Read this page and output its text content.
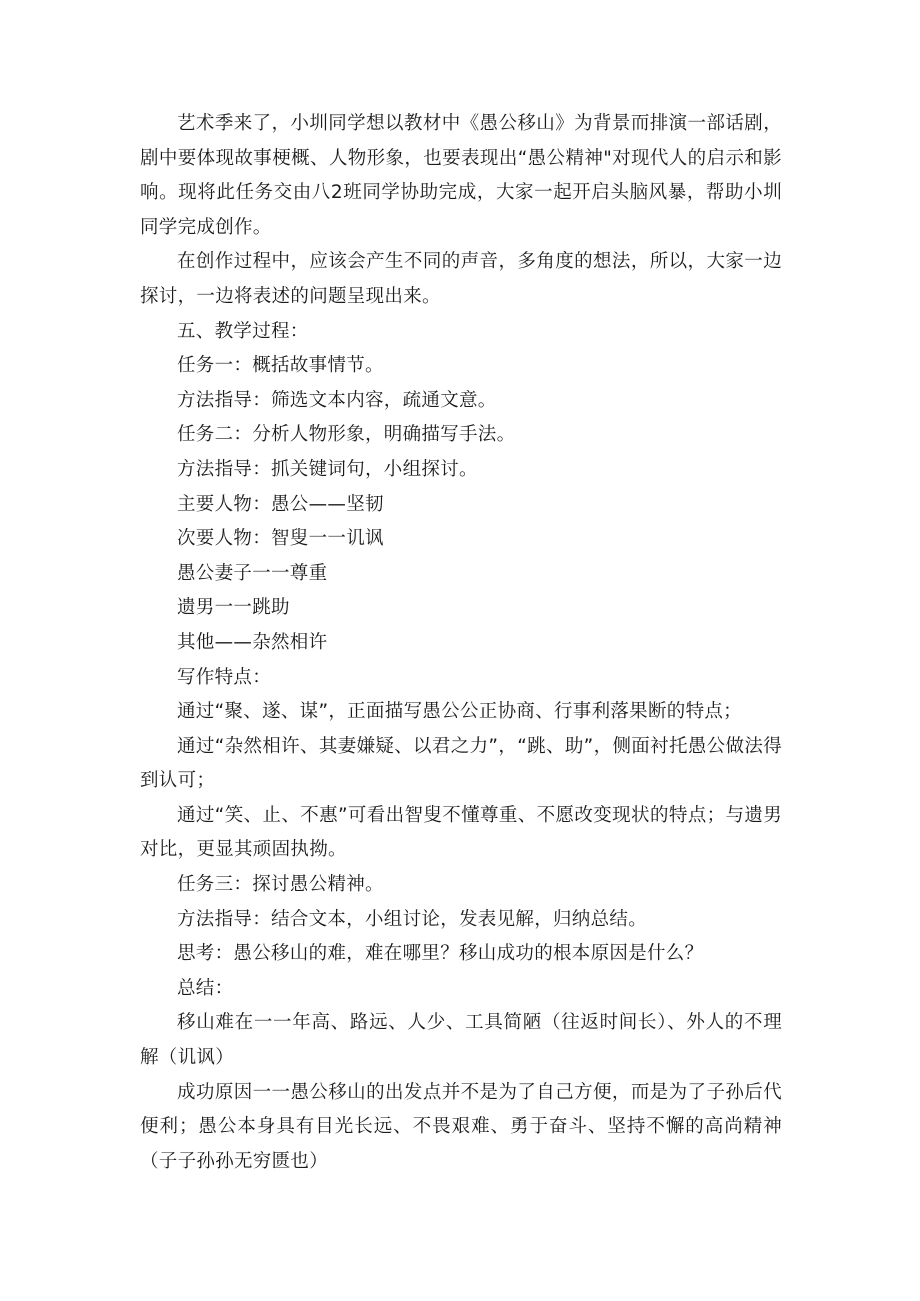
艺术季来了，小圳同学想以教材中《愚公移山》为背景而排演一部话剧，剧中要体现故事梗概、人物形象，也要表现出“愚公精神"对现代人的启示和影响。现将此任务交由八2班同学协助完成，大家一起开启头脑风暴，帮助小圳同学完成创作。

在创作过程中，应该会产生不同的声音，多角度的想法，所以，大家一边探讨，一边将表述的问题呈现出来。

五、教学过程：

任务一：概括故事情节。

方法指导：筛选文本内容，疏通文意。

任务二：分析人物形象，明确描写手法。

方法指导：抓关键词句，小组探讨。

主要人物：愚公——坚韧

次要人物：智叟一一讥讽

愚公妻子一一尊重

遗男一一跳助

其他——杂然相许

写作特点：

通过“聚、遂、谋”，正面描写愚公公正协商、行事利落果断的特点；

通过“杂然相许、其妻嫌疑、以君之力”，“跳、助”，侧面衬托愚公做法得到认可；

通过“笑、止、不惠”可看出智叟不懂尊重、不愿改变现状的特点；与遗男对比，更显其顽固执拗。

任务三：探讨愚公精神。

方法指导：结合文本，小组讨论，发表见解，归纳总结。

思考：愚公移山的难，难在哪里？移山成功的根本原因是什么？

总结：

移山难在一一年高、路远、人少、工具简陋（往返时间长）、外人的不理解（讥讽）

成功原因一一愚公移山的出发点并不是为了自己方便，而是为了子孙后代便利；愚公本身具有目光长远、不畏艰难、勇于奋斗、坚持不懈的高尚精神（子子孙孙无穷匮也）
